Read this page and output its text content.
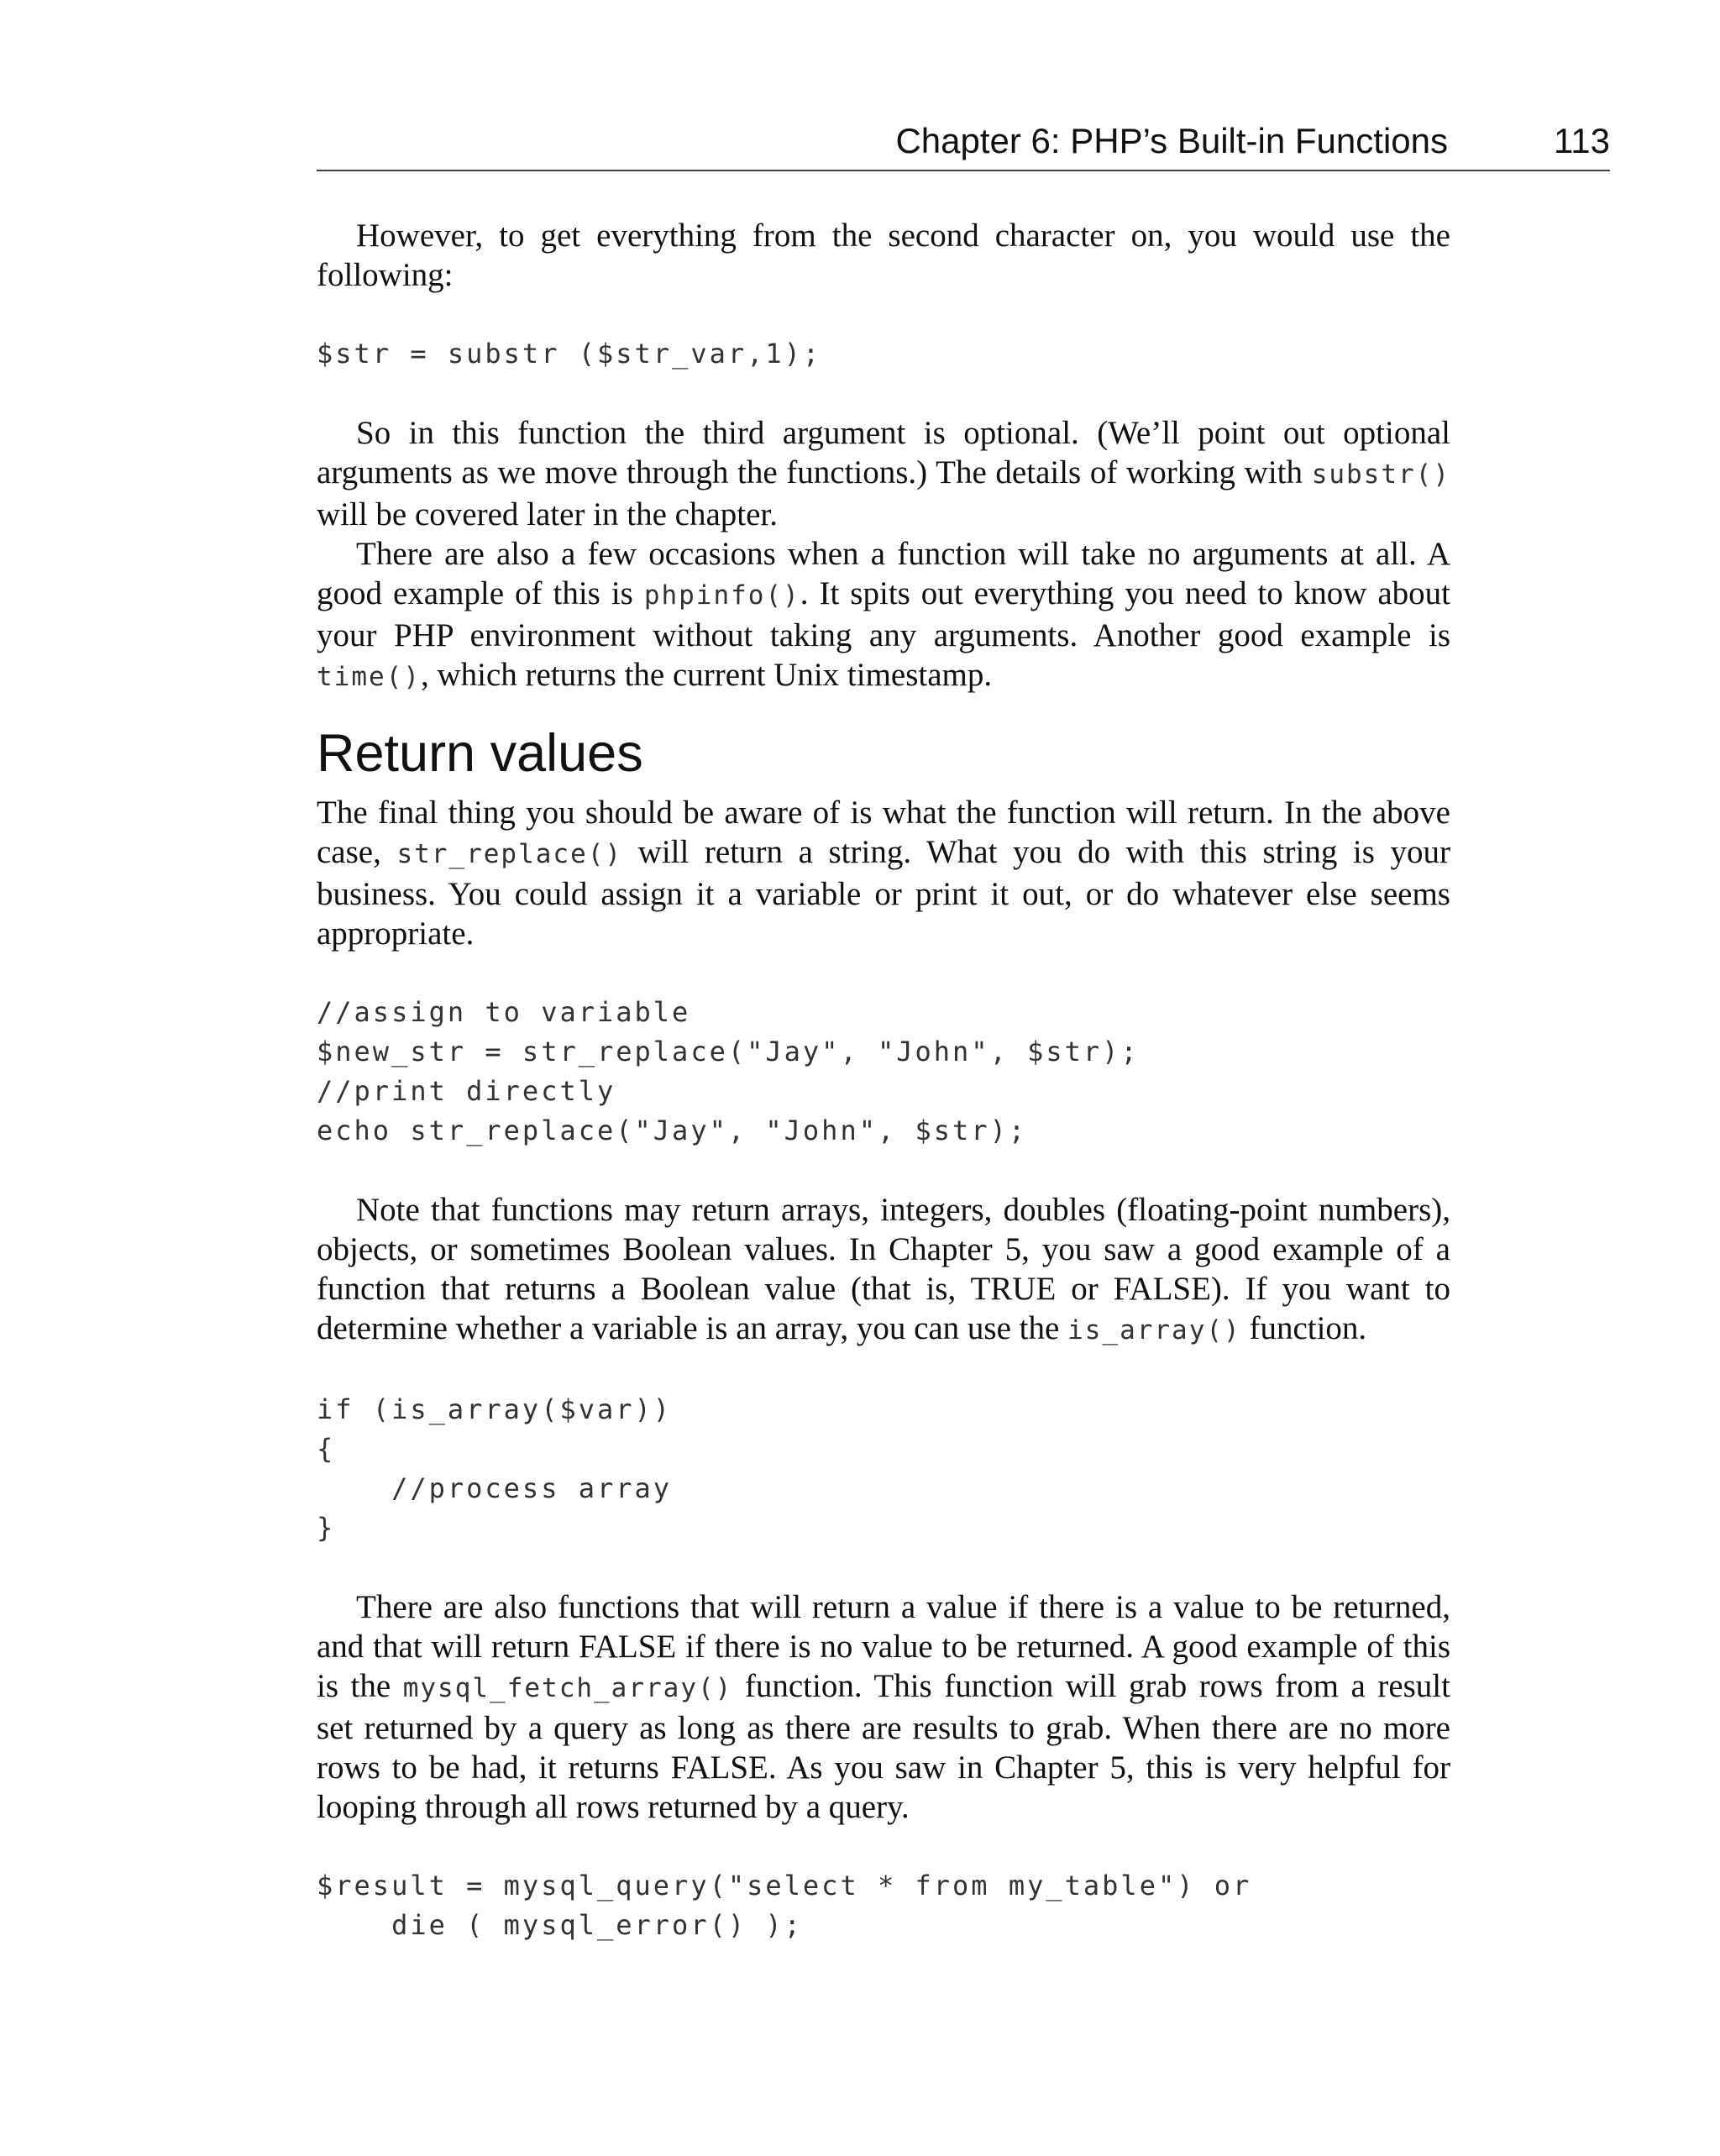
Chapter 6: PHP’s Built-in Functions	113

However, to get everything from the second character on, you would use the following:

$str = substr ($str_var,1);

So in this function the third argument is optional. (We’ll point out optional arguments as we move through the functions.) The details of working with substr() will be covered later in the chapter.

There are also a few occasions when a function will take no arguments at all. A good example of this is phpinfo(). It spits out everything you need to know about your PHP environment without taking any arguments. Another good example is time(), which returns the current Unix timestamp.

Return values

The final thing you should be aware of is what the function will return. In the above case, str_replace() will return a string. What you do with this string is your business. You could assign it a variable or print it out, or do whatever else seems appropriate.

//assign to variable
$new_str = str_replace("Jay", "John", $str);
//print directly
echo str_replace("Jay", "John", $str);

Note that functions may return arrays, integers, doubles (floating-point numbers), objects, or sometimes Boolean values. In Chapter 5, you saw a good example of a function that returns a Boolean value (that is, TRUE or FALSE). If you want to determine whether a variable is an array, you can use the is_array() function.

if (is_array($var))
{
//process array
}

There are also functions that will return a value if there is a value to be returned, and that will return FALSE if there is no value to be returned. A good example of this is the mysql_fetch_array() function. This function will grab rows from a result set returned by a query as long as there are results to grab. When there are no more rows to be had, it returns FALSE. As you saw in Chapter 5, this is very helpful for looping through all rows returned by a query.

$result = mysql_query("select * from my_table") or
die ( mysql_error() );
